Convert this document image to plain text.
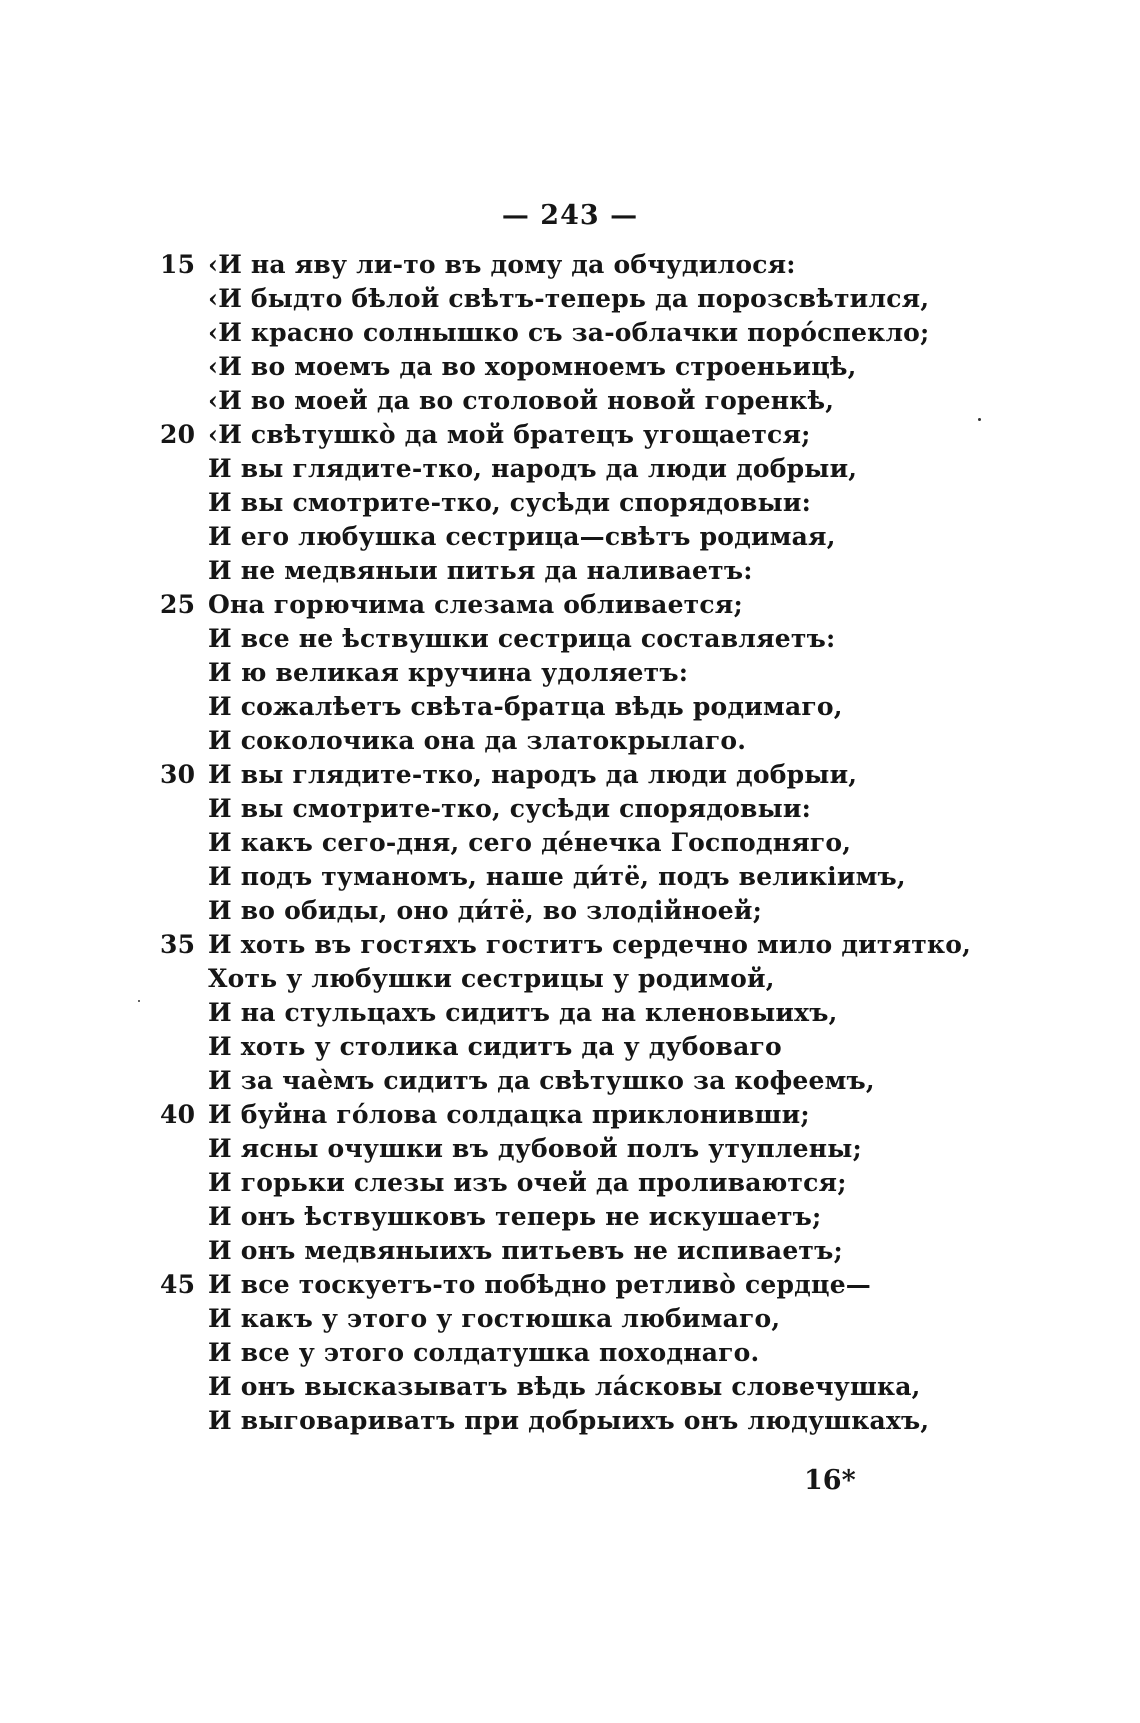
— 243 —
15 ‹И на яву ли-то въ дому да обчудилося:
‹И быдто бѣлой свѣтъ-теперь да порозсвѣтился,
‹И красно солнышко съ за-облачки поро́спекло;
‹И во моемъ да во хоромноемъ строеньицѣ,
‹И во моей да во столовой новой горенкѣ,
20 ‹И свѣтушко̀ да мой братецъ угощается;
И вы глядите-тко, народъ да люди добрыи,
И вы смотрите-тко, сусѣди спорядовыи:
И его любушка сестрица—свѣтъ родимая,
И не медвяныи питья да наливаетъ:
25 Она горючима слезама обливается;
И все не ѣствушки сестрица составляетъ:
И ю великая кручина удоляетъ:
И сожалѣетъ свѣта-братца вѣдь родимаго,
И соколочика она да златокрылаго.
30 И вы глядите-тко, народъ да люди добрыи,
И вы смотрите-тко, сусѣди спорядовыи:
И какъ сего-дня, сего де́нечка Господняго,
И подъ туманомъ, наше ди́тё, подъ великiимъ,
И во обиды, оно ди́тё, во злодійноей;
35 И хоть въ гостяхъ гоститъ сердечно мило дитятко,
Хоть у любушки сестрицы у родимой,
И на стульцахъ сидитъ да на кленовыихъ,
И хоть у столика сидитъ да у дубоваго
И за чаѐмъ сидитъ да свѣтушко за кофеемъ,
40 И буйна го́лова солдацка приклонивши;
И ясны очушки въ дубовой полъ утуплены;
И горьки слезы изъ очей да проливаются;
И онъ ѣствушковъ теперь не искушаетъ;
И онъ медвяныихъ питьевъ не испиваетъ;
45 И все тоскуетъ-то побѣдно ретливо̀ сердце—
И какъ у этого у гостюшка любимаго,
И все у этого солдатушка походнаго.
И онъ высказыватъ вѣдь ла́сковы словечушка,
И выговариватъ при добрыихъ онъ людушкахъ,
16*
